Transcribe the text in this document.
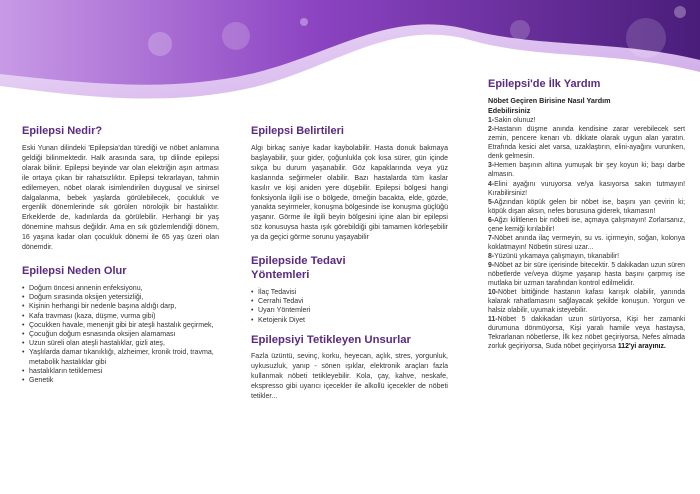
Epilepsi Nedir?

Eski Yunan dilindeki 'Epilepsia'dan türediği ve nöbet anlamına geldiği bilinmektedir. Halk arasında sara, tıp dilinde epilepsi olarak bilinir. Epilepsi beyinde var olan elektriğin aşırı artması ile ortaya çıkan bir rahatsızlıktır. Epilepsi tekrarlayan, tahmin edilemeyen, nöbet olarak isimlendirilen duygusal ve sinirsel dalgalanma, bebek yaşlarda görülebilecek, çocukluk ve ergenlik dönemlerinde sık görülen nörolojik bir hastalıktır. Erkeklerde de, kadınlarda da görülebilir. Herhangi bir yaş dönemine mahsus değildir. Ama en sık gözlemlendiği dönem, 16 yaşına kadar olan çocukluk dönemi ile 65 yaş üzeri olan dönemdir.

Epilepsi Neden Olur
• Doğum öncesi annenin enfeksiyonu,
• Doğum sırasında oksijen yetersizliği,
• Kişinin herhangi bir nedenle başına aldığı darp,
• Kafa travması (kaza, düşme, vurma gibi)
• Çocukken havale, menenjit gibi bir ateşli hastalık geçirmek,
• Çocuğun doğum esnasında oksijen alamaması
• Uzun süreli olan ateşli hastalıklar, gizli ateş,
• Yaşlılarda damar tıkanıklığı, alzheimer, kronik troid, travma, metabolik hastalıklar gibi
• hastalıkların tetiklemesi
• Genetik
Epilepsi Belirtileri

Algı birkaç saniye kadar kaybolabilir. Hasta donuk bakmaya başlayabilir, şuur gider, çoğunlukla çok kısa sürer, gün içinde sıkça bu durum yaşanabilir. Göz kapaklarında veya yüz kaslarında seğirmeler olabilir. Bazı hastalarda tüm kaslar kasılır ve kişi aniden yere düşebilir. Epilepsi bölgesi hangi fonksiyonla ilgili ise o bölgede, örneğin bacakta, elde, gözde, yanakta seyirmeler, konuşma bölgesinde ise konuşma güçlüğü yaşanır. Görme ile ilgili beyin bölgesini içine alan bir epilepsi söz konusuysa hasta ışık görebildiği gibi tamamen körleşebilir ya da geçici görme sorunu yaşayabilir

Epilepside Tedavi Yöntemleri
• İlaç Tedavisi
• Cerrahi Tedavi
• Uyarı Yöntemleri
• Ketojenik Diyet
Epilepsiyi Tetikleyen Unsurlar

Fazla üzüntü, sevinç, korku, heyecan, açlık, stres, yorgunluk, uykusuzluk, yanıp - sönen ışıklar, elektronik araçları fazla kullanmak nöbeti tetikleyebilir. Kola, çay, kahve, neskafe, ekspresso gibi uyarıcı içecekler ile alkollü içecekler de nöbeti tetikler...

Epilepsi'de İlk Yardım
Nöbet Geçiren Birisine Nasıl Yardım Edebilirsiniz
1-Sakin olunuz!
2-Hastanın düşme anında kendisine zarar verebilecek sert zemin, pencere kenarı vb. dikkate olarak uygun alan yaratın. Etrafında kesici alet varsa, uzaklaştırın, elini-ayağını vurunken, denk gelmesin.
3-Hemen başının altına yumuşak bir şey koyun ki; başı darbe almasın.
4-Elini ayağını vuruyorsa ve/ya kasıyorsa sakın tutmayın! Kırabilirsiniz!
5-Ağzından köpük gelen bir nöbet ise, başını yan çevirin ki; köpük dışarı aksın, nefes borusuna giderek, tıkamasın!
6-Ağzı kilitlenen bir nöbeti ise, açmaya çalışmayın! Zorlarsanız, çene kemiği kırılabilir!
7-Nöbet anında ilaç vermeyin, su vs. içirmeyin, soğan, kolonya koklatmayın! Nöbetin süresi uzar...
8-Yüzünü yıkamaya çalışmayın, tıkanabilir!
9-Nöbet az bir süre içerisinde bitecektir. 5 dakikadan uzun süren nöbetlerde ve/veya düşme yaşanıp hasta başını çarpmış ise mutlaka bir uzman tarafından kontrol edilmelidir.
10-Nöbet bittiğinde hastanın kafası karışık olabilir, yanında kalarak rahatlamasını sağlayacak şekilde konuşun. Yorgun ve halsiz olabilir, uyumak isteyebilir.
11-Nöbet 5 dakikadan uzun sürüyorsa, Kişi her zamanki durumuna dönmüyorsa, Kişi yaralı hamile veya hastaysa, Tekrarlanan nöbetlerse, İlk kez nöbet geçiriyorsa, Nefes almada zorluk geçiriyorsa, Suda nöbet geçiriyorsa 112'yi arayınız.
